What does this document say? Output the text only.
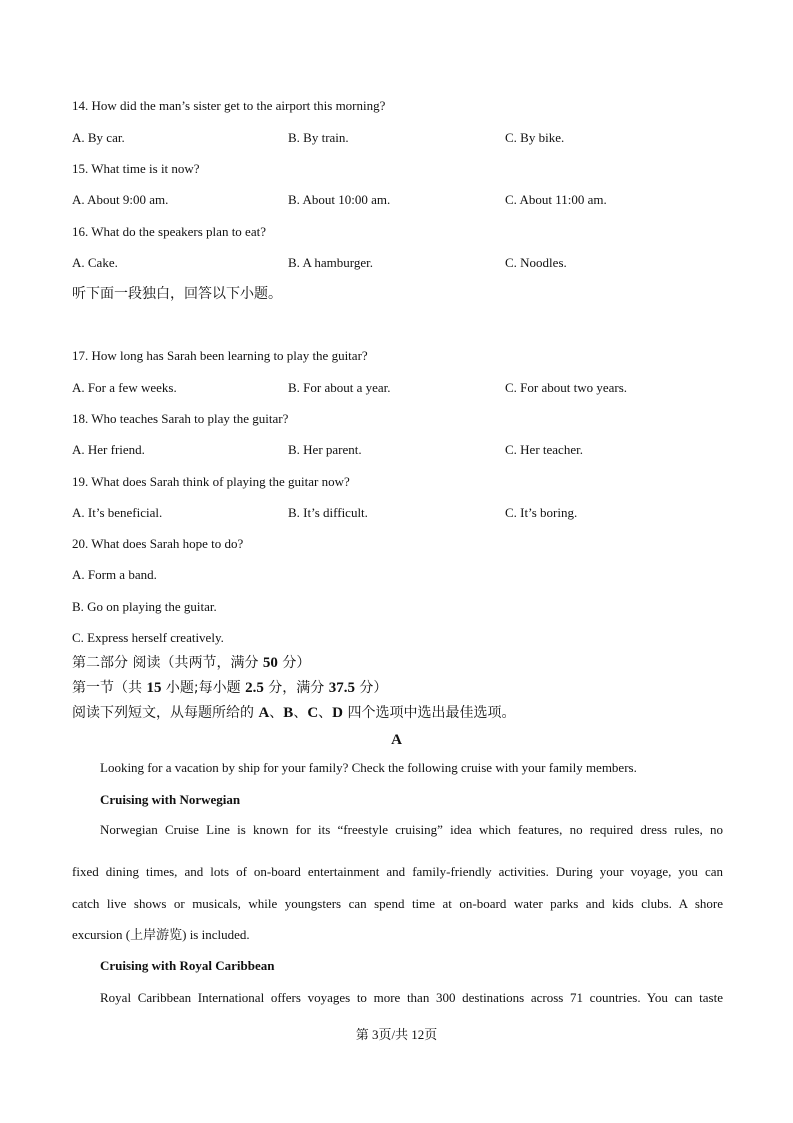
14. How did the man’s sister get to the airport this morning?
A. By car.	B. By train.	C. By bike.
15. What time is it now?
A. About 9:00 am.	B. About 10:00 am.	C. About 11:00 am.
16. What do the speakers plan to eat?
A. Cake.	B. A hamburger.	C. Noodles.
听下面一段独白，回答以下小题。
17. How long has Sarah been learning to play the guitar?
A. For a few weeks.	B. For about a year.	C. For about two years.
18. Who teaches Sarah to play the guitar?
A. Her friend.	B. Her parent.	C. Her teacher.
19. What does Sarah think of playing the guitar now?
A. It’s beneficial.	B. It’s difficult.	C. It’s boring.
20. What does Sarah hope to do?
A. Form a band.
B. Go on playing the guitar.
C. Express herself creatively.
第二部分 阅读（共两节，满分 50 分）
第一节（共 15 小题;每小题 2.5 分，满分 37.5 分）
阅读下列短文，从每题所给的 A、B、C、D 四个选项中选出最佳选项。
A
Looking for a vacation by ship for your family? Check the following cruise with your family members.
Cruising with Norwegian
Norwegian Cruise Line is known for its “freestyle cruising” idea which features, no required dress rules, no
fixed dining times, and lots of on-board entertainment and family-friendly activities. During your voyage, you can
catch live shows or musicals, while youngsters can spend time at on-board water parks and kids clubs. A shore
excursion (上岸游览) is included.
Cruising with Royal Caribbean
Royal Caribbean International offers voyages to more than 300 destinations across 71 countries. You can taste
第 3页/共 12页
